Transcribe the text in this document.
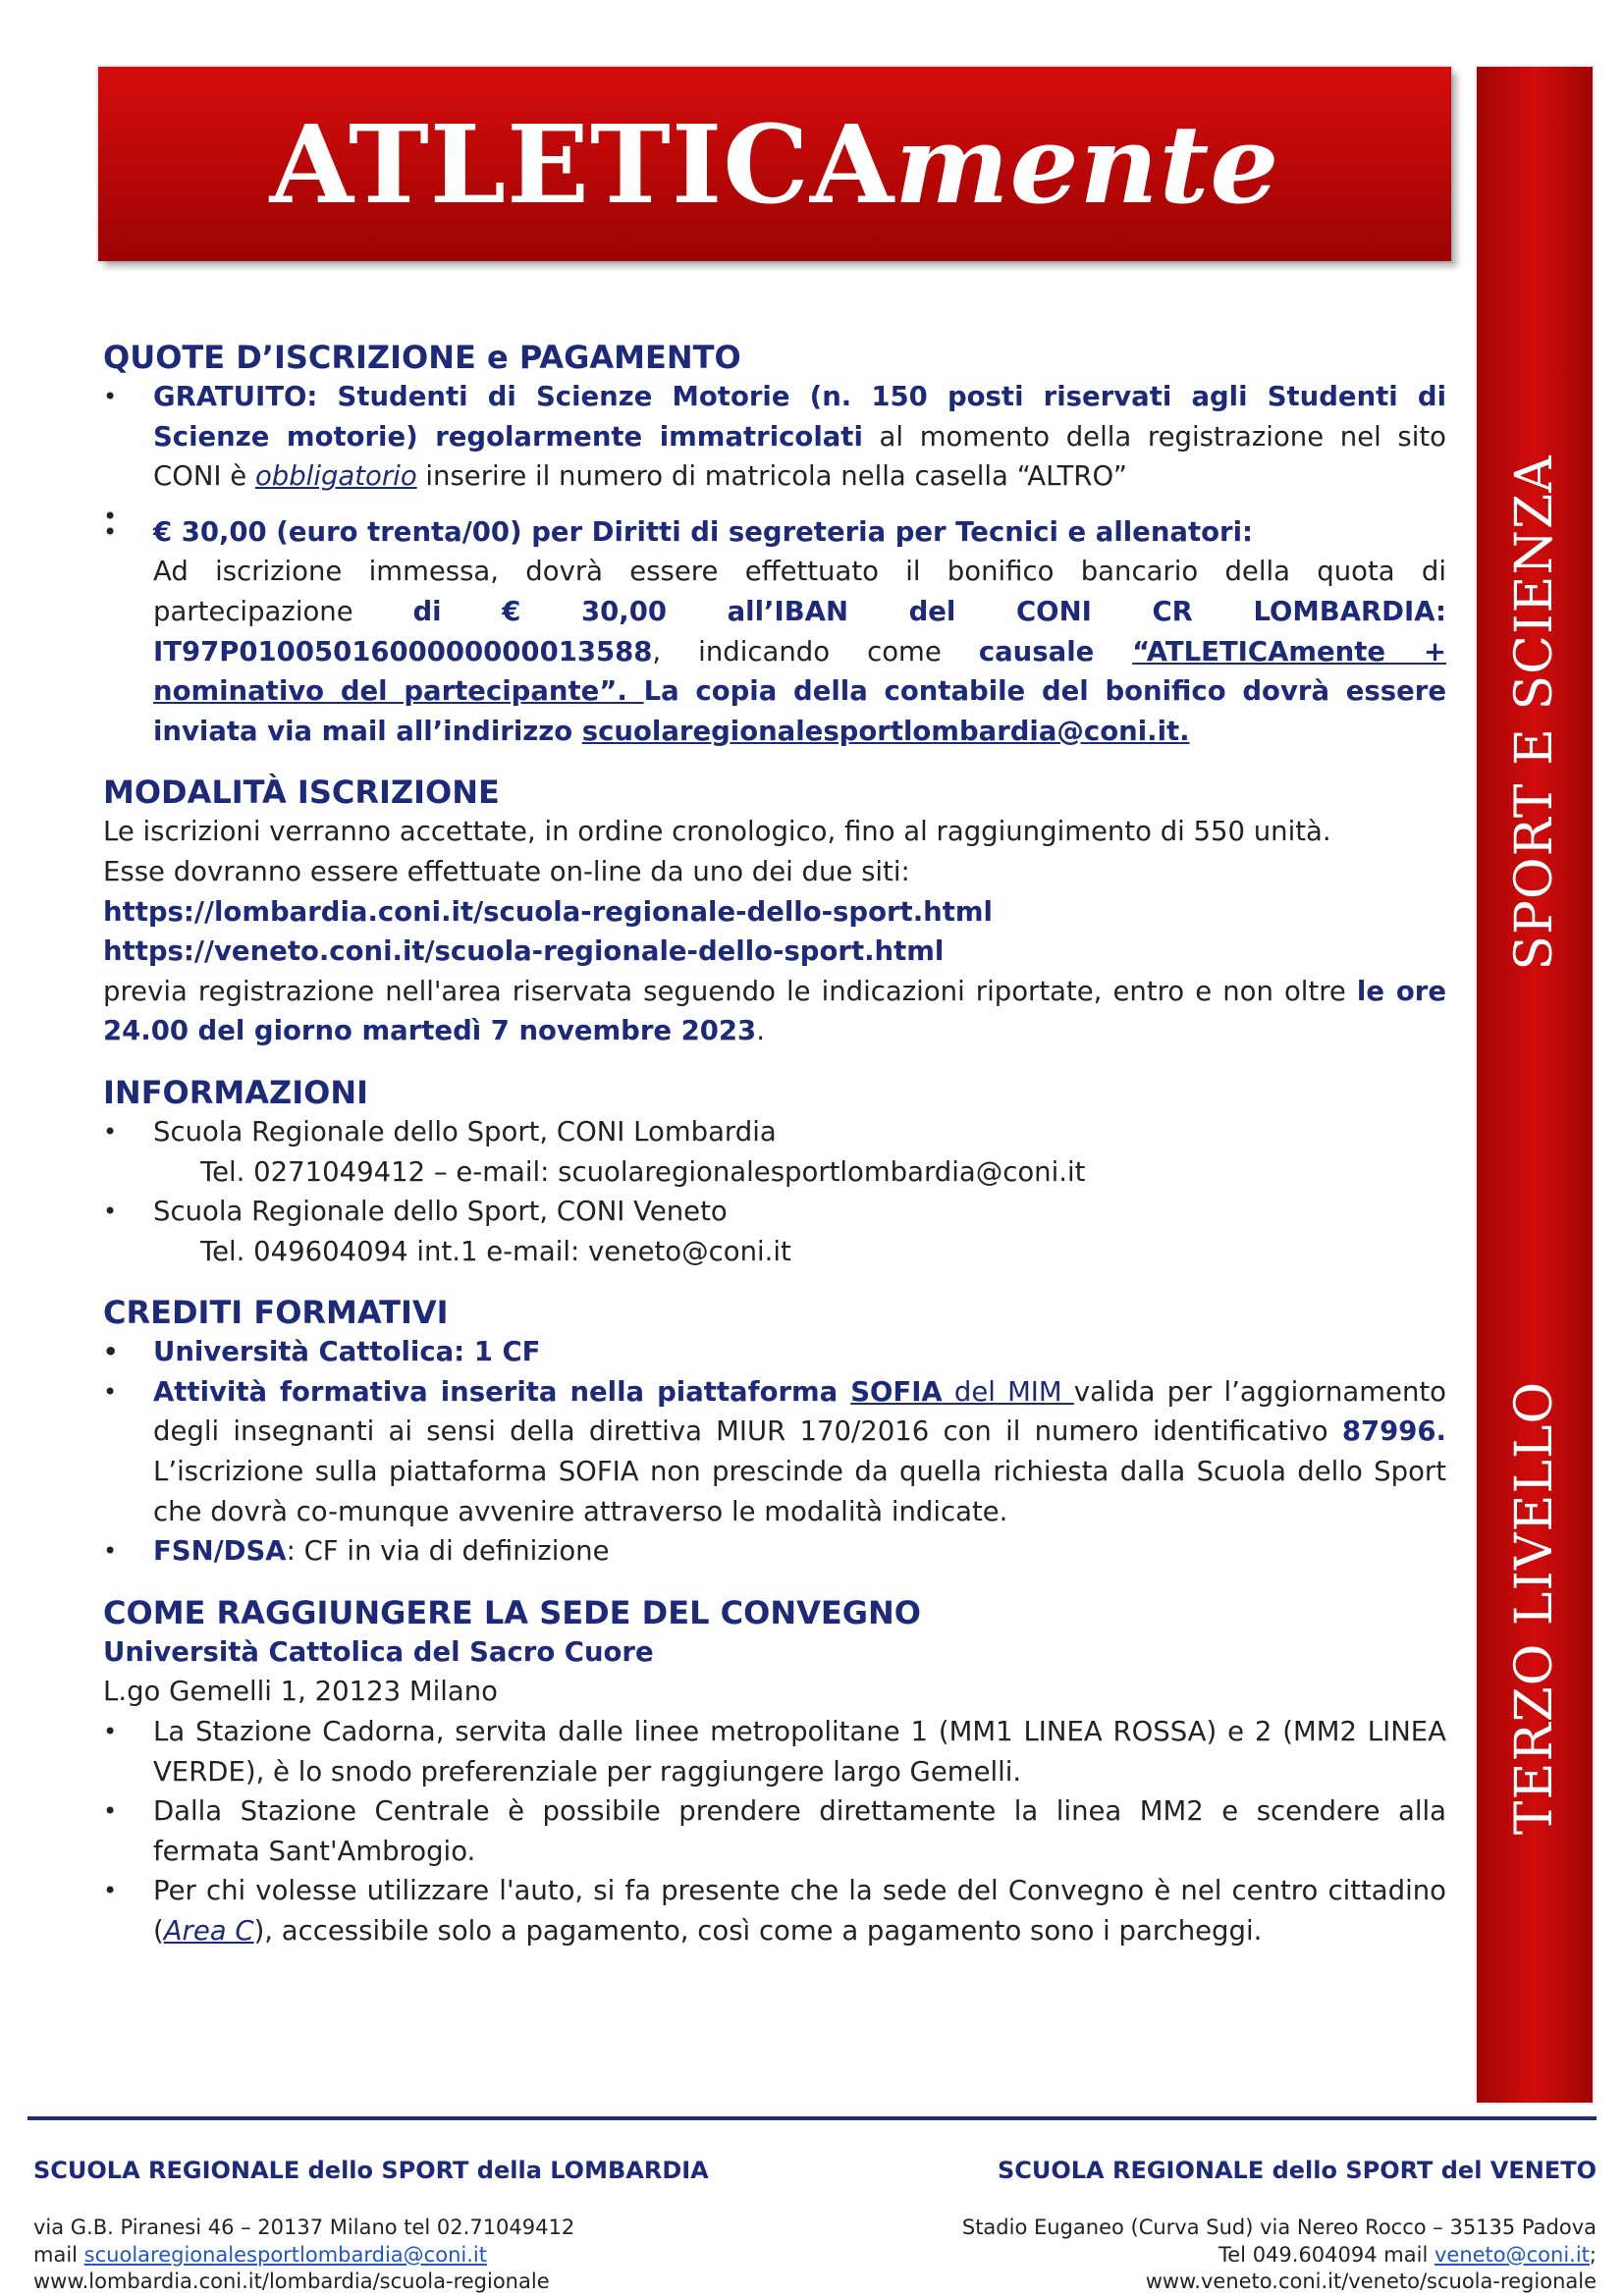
ATLETICAmente
SPORT E SCIENZA
TERZO LIVELLO
QUOTE D’ISCRIZIONE e PAGAMENTO
• GRATUITO: Studenti di Scienze Motorie (n. 150 posti riservati agli Studenti di Scienze motorie) regolarmente immatricolati al momento della registrazione nel sito CONI è obbligatorio inserire il numero di matricola nella casella “ALTRO”
•
• € 30,00 (euro trenta/00) per Diritti di segreteria per Tecnici e allenatori:
Ad iscrizione immessa, dovrà essere effettuato il bonifico bancario della quota di partecipazione di € 30,00 all’IBAN del CONI CR LOMBARDIA: IT97P0100501600000000013588, indicando come causale “ATLETICAmente + nominativo del partecipante”. La copia della contabile del bonifico dovrà essere inviata via mail all’indirizzo scuolaregionalesportlombardia@coni.it.
MODALITÀ ISCRIZIONE

Le iscrizioni verranno accettate, in ordine cronologico, fino al raggiungimento di 550 unità.

Esse dovranno essere effettuate on-line da uno dei due siti:

https://lombardia.coni.it/scuola-regionale-dello-sport.html

https://veneto.coni.it/scuola-regionale-dello-sport.html

previa registrazione nell'area riservata seguendo le indicazioni riportate, entro e non oltre le ore 24.00 del giorno martedì 7 novembre 2023.

INFORMAZIONI
• Scuola Regionale dello Sport, CONI Lombardia
Tel. 0271049412 – e-mail: scuolaregionalesportlombardia@coni.it
• Scuola Regionale dello Sport, CONI Veneto
Tel. 049604094 int.1 e-mail: veneto@coni.it
CREDITI FORMATIVI
• Università Cattolica: 1 CF
• Attività formativa inserita nella piattaforma SOFIA del MIM valida per l’aggiornamento degli insegnanti ai sensi della direttiva MIUR 170/2016 con il numero identificativo 87996. L’iscrizione sulla piattaforma SOFIA non prescinde da quella richiesta dalla Scuola dello Sport che dovrà co-munque avvenire attraverso le modalità indicate.
• FSN/DSA: CF in via di definizione
COME RAGGIUNGERE LA SEDE DEL CONVEGNO

Università Cattolica del Sacro Cuore

L.go Gemelli 1, 20123 Milano

• La Stazione Cadorna, servita dalle linee metropolitane 1 (MM1 LINEA ROSSA) e 2 (MM2 LINEA VERDE), è lo snodo preferenziale per raggiungere largo Gemelli.
• Dalla Stazione Centrale è possibile prendere direttamente la linea MM2 e scendere alla fermata Sant'Ambrogio.
• Per chi volesse utilizzare l'auto, si fa presente che la sede del Convegno è nel centro cittadino (Area C), accessibile solo a pagamento, così come a pagamento sono i parcheggi.
SCUOLA REGIONALE dello SPORT della LOMBARDIA
via G.B. Piranesi 46 – 20137 Milano tel 02.71049412
mail scuolaregionalesportlombardia@coni.it
www.lombardia.coni.it/lombardia/scuola-regionale
SCUOLA REGIONALE dello SPORT del VENETO
Stadio Euganeo (Curva Sud) via Nereo Rocco – 35135 Padova
Tel 049.604094 mail veneto@coni.it;
www.veneto.coni.it/veneto/scuola-regionale
